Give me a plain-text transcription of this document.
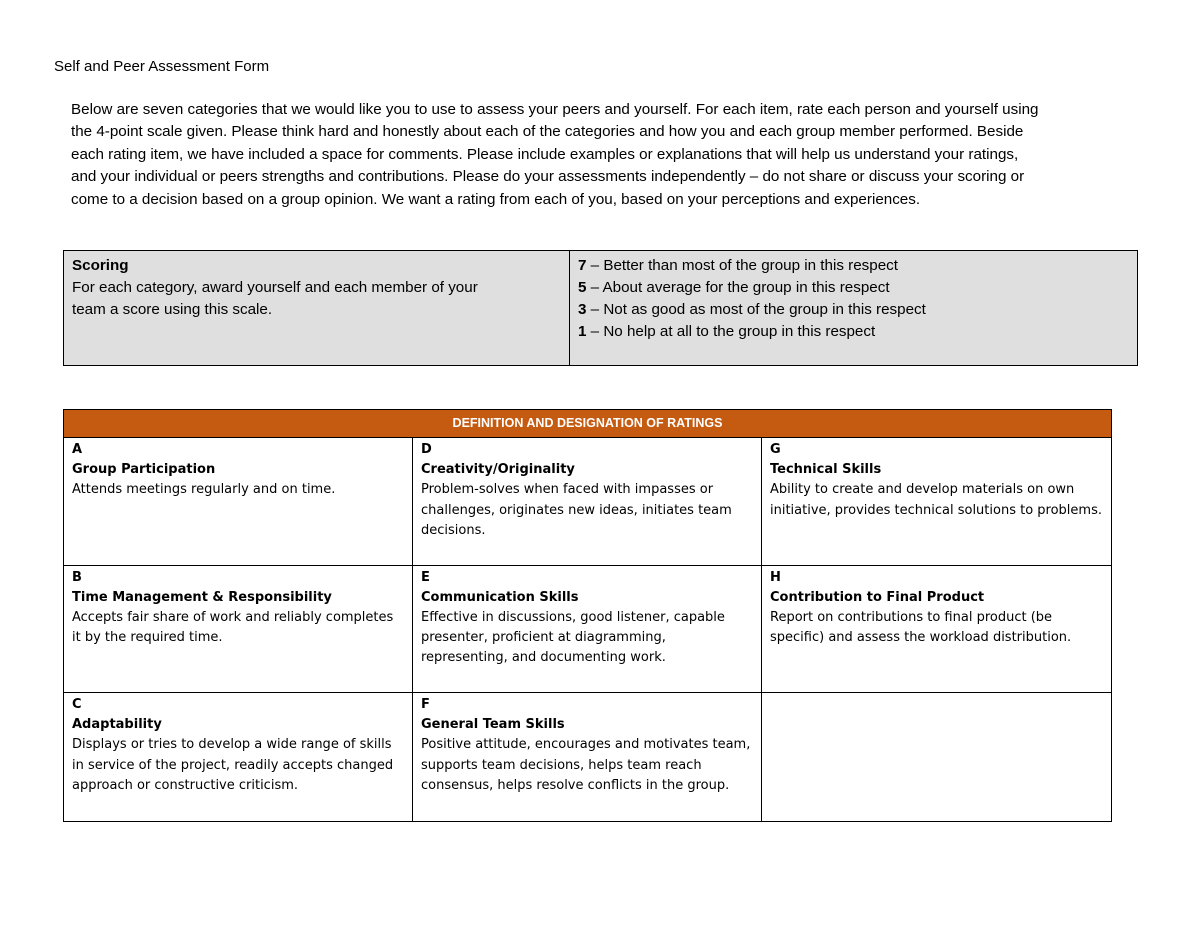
Self and Peer Assessment Form
Below are seven categories that we would like you to use to assess your peers and yourself. For each item, rate each person and yourself using
the 4-point scale given. Please think hard and honestly about each of the categories and how you and each group member performed. Beside
each rating item, we have included a space for comments. Please include examples or explanations that will help us understand your ratings,
and your individual or peers strengths and contributions. Please do your assessments independently – do not share or discuss your scoring or
come to a decision based on a group opinion. We want a rating from each of you, based on your perceptions and experiences.
Scoring
For each category, award yourself and each member of your
team a score using this scale.
7 – Better than most of the group in this respect
5 – About average for the group in this respect
3 – Not as good as most of the group in this respect
1 – No help at all to the group in this respect
DEFINITION AND DESIGNATION OF RATINGS
A
Group Participation
Attends meetings regularly and on time.
D
Creativity/Originality
Problem-solves when faced with impasses or challenges, originates new ideas, initiates team decisions.
G
Technical Skills
Ability to create and develop materials on own initiative, provides technical solutions to problems.
B
Time Management & Responsibility
Accepts fair share of work and reliably completes it by the required time.
E
Communication Skills
Effective in discussions, good listener, capable presenter, proficient at diagramming, representing, and documenting work.
H
Contribution to Final Product
Report on contributions to final product (be specific) and assess the workload distribution.
C
Adaptability
Displays or tries to develop a wide range of skills in service of the project, readily accepts changed approach or constructive criticism.
F
General Team Skills
Positive attitude, encourages and motivates team, supports team decisions, helps team reach consensus, helps resolve conflicts in the group.
